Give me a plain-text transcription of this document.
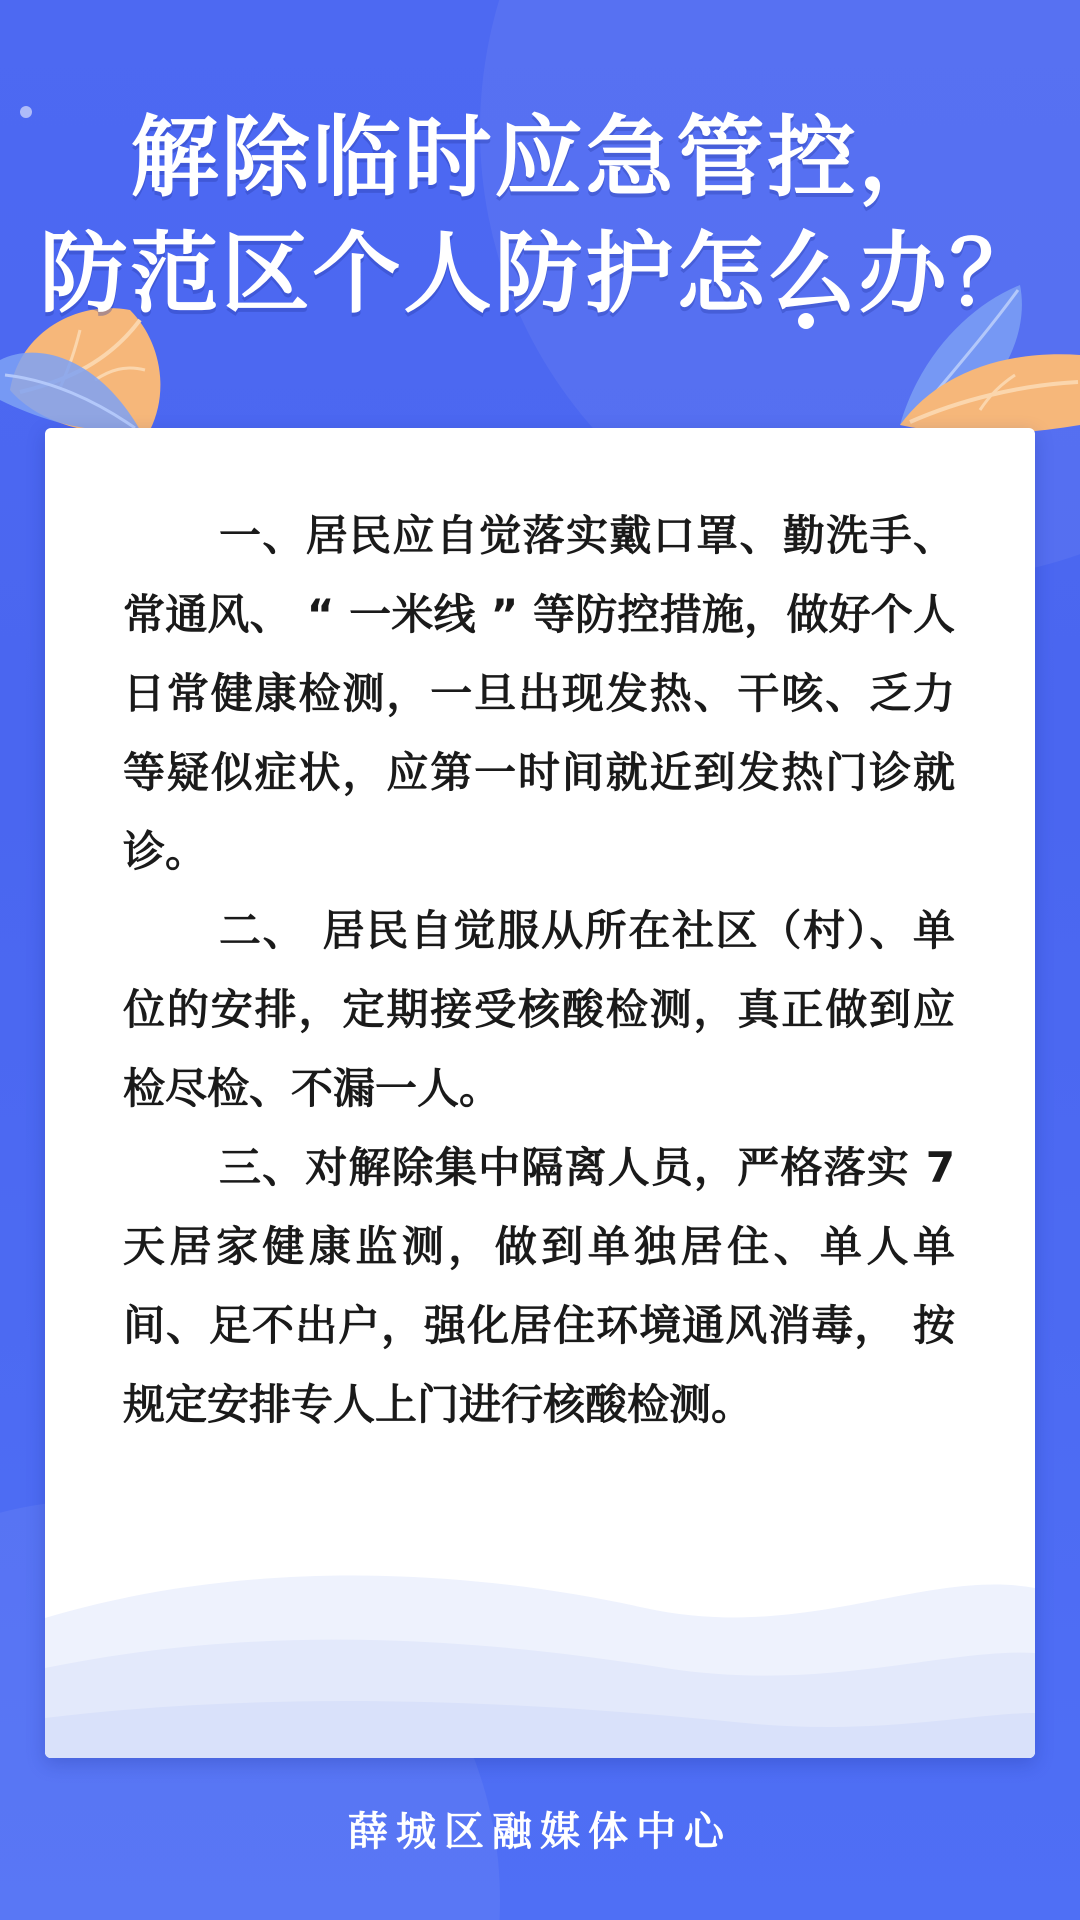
解除临时应急管控，
防范区个人防护怎么办？

一、居民应自觉落实戴口罩、勤洗手、 常通风、 “ 一米线 ” 等防控措施，做好个人日常健康检测，一旦出现发热、干咳、乏力等疑似症状，应第一时间就近到发热门诊就诊。

二、 居民自觉服从所在社区（村）、单位的安排，定期接受核酸检测，真正做到应检尽检、不漏一人。

三、对解除集中隔离人员，严格落实 7 天居家健康监测，做到单独居住、单人单间、足不出户，强化居住环境通风消毒， 按规定安排专人上门进行核酸检测。

薛城区融媒体中心
